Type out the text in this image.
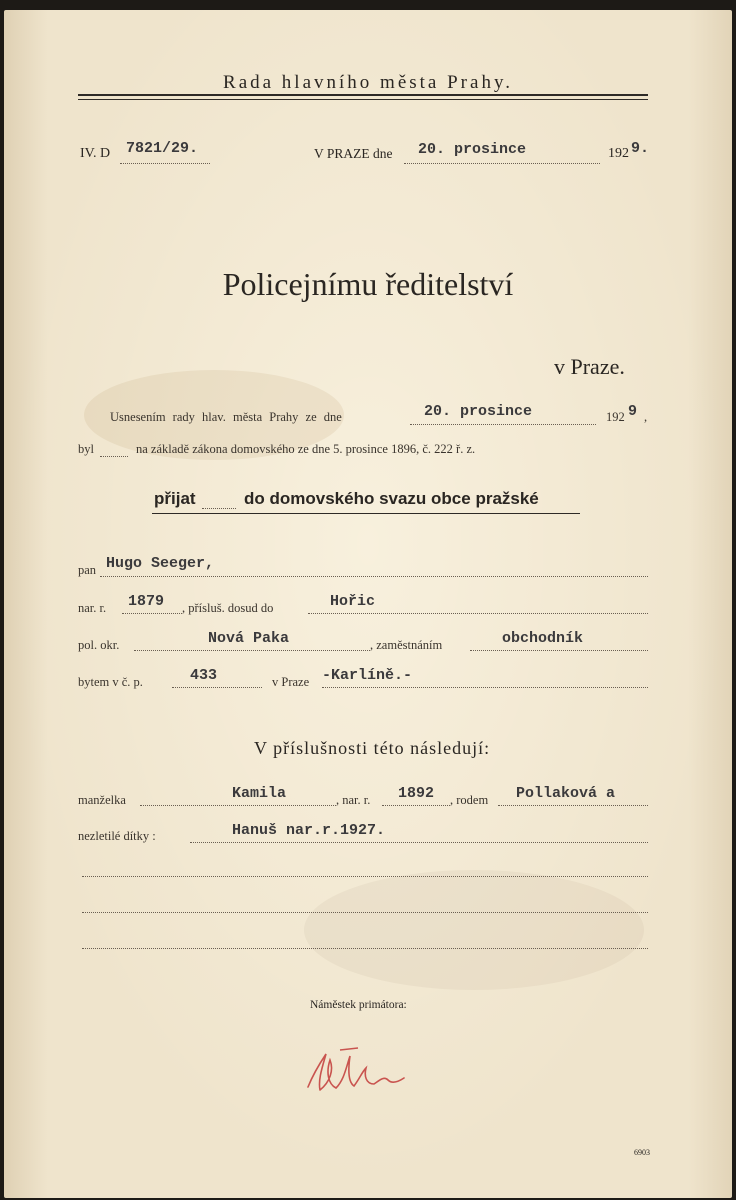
Rada hlavního města Prahy.
IV. D 7821/29.	V PRAZE dne 20. prosince	192 9.
Policejnímu ředitelství
v Praze.
Usnesením rady hlav. města Prahy ze dne	20. prosince	192 9 ,
byl	na základě zákona domovského ze dne 5. prosince 1896, č. 222 ř. z.
přijat	do domovského svazu obce pražské
pan Hugo Seeger,
nar. r. 1879 , přísluš. dosud do	Hořic
pol. okr.	Nová Paka	, zaměstnáním	obchodník
bytem v č. p.	433	v Praze -Karlíně.-
V příslušnosti této následují:
manželka	Kamila	, nar. r. 1892 , rodem Pollaková a
nezletilé dítky :	Hanuš nar.r.1927.
Náměstek primátora:
6903
